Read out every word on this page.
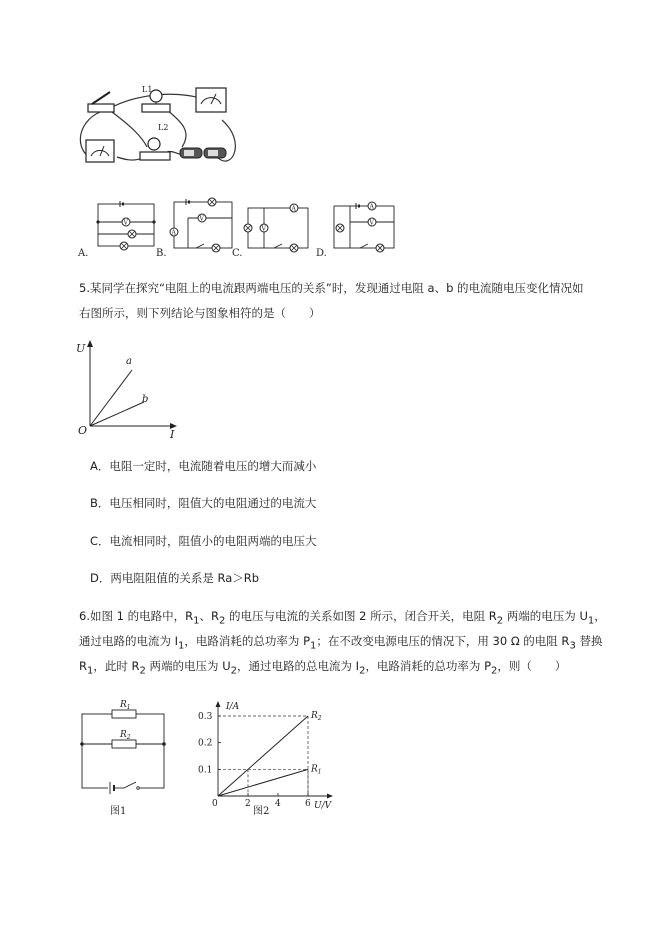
L1
L2
V
A.
V
A
B.
V
A
C.
A
V
D.
5.某同学在探究“电阻上的电流跟两端电压的关系”时，发现通过电阻 a、b 的电流随电压变化情况如
右图所示，则下列结论与图象相符的是（　　）
U
I
O
a
b
A．电阻一定时，电流随着电压的增大而减小
B．电压相同时，阻值大的电阻通过的电流大
C．电流相同时，阻值小的电阻两端的电压大
D．两电阻阻值的关系是 Ra＞Rb
6.如图 1 的电路中，$R_1$、$R_2$ 的电压与电流的关系如图 2 所示，闭合开关，电阻 $R_2$ 两端的电压为 $U_1$，
通过电路的电流为 $I_1$，电路消耗的总功率为 $P_1$；在不改变电源电压的情况下，用 30 Ω 的电阻 $R_3$ 替换
$R_1$，此时 $R_2$ 两端的电压为 $U_2$，通过电路的总电流为 $I_2$，电路消耗的总功率为 $P_2$，则（　　）
$R_1$
$R_2$
图1
$R_2$
$R_1$
0.1
0.2
0.3
2	4	6
I/A
U/V
0
图2
